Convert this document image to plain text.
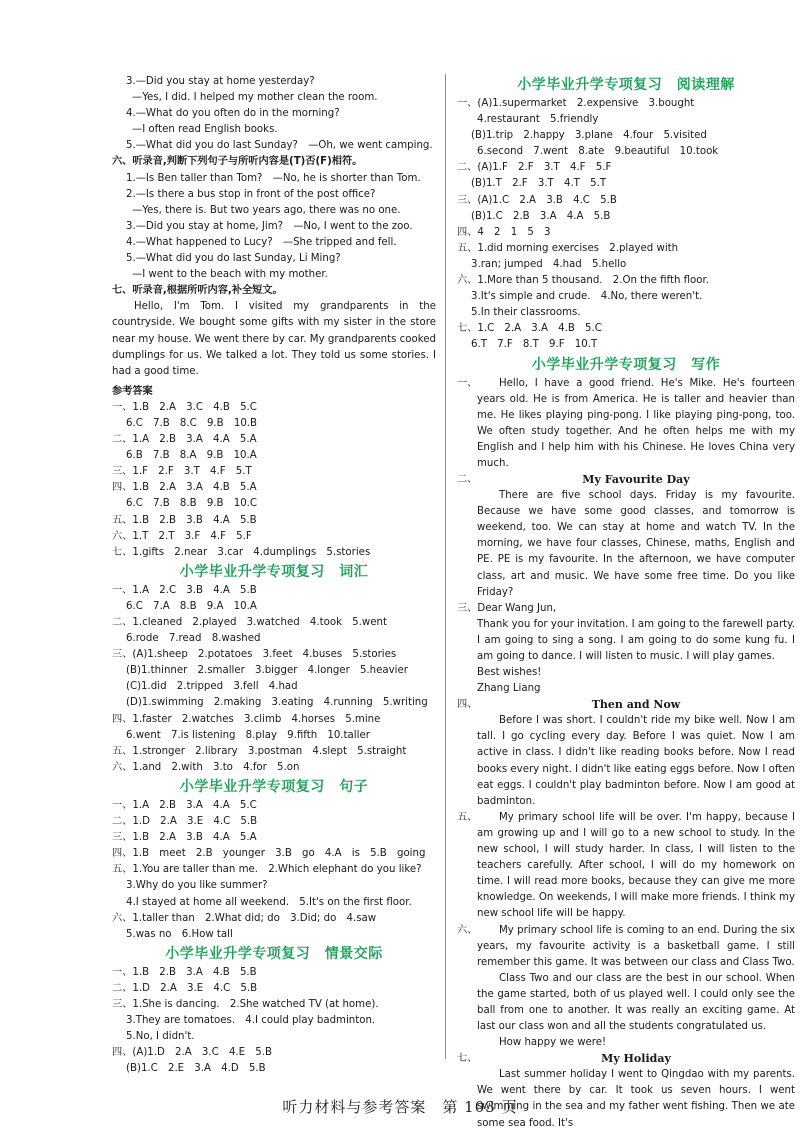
3.—Did you stay at home yesterday?
—Yes, I did. I helped my mother clean the room.
4.—What do you often do in the morning?
—I often read English books.
5.—What did you do last Sunday?　—Oh, we went camping.
六、听录音,判断下列句子与所听内容是(T)否(F)相符。
1.—Is Ben taller than Tom?　—No, he is shorter than Tom.
2.—Is there a bus stop in front of the post office?
—Yes, there is. But two years ago, there was no one.
3.—Did you stay at home, Jim?　—No, I went to the zoo.
4.—What happened to Lucy?　—She tripped and fell.
5.—What did you do last Sunday, Li Ming?
—I went to the beach with my mother.
七、听录音,根据所听内容,补全短文。
Hello, I'm Tom. I visited my grandparents in the countryside. We bought some gifts with my sister in the store near my house. We went there by car. My grandparents cooked dumplings for us. We talked a lot. They told us some stories. I had a good time.
参考答案
一、1.B　2.A　3.C　4.B　5.C
6.C　7.B　8.C　9.B　10.B
二、1.A　2.B　3.A　4.A　5.A
6.B　7.B　8.A　9.B　10.A
三、1.F　2.F　3.T　4.F　5.T
四、1.B　2.A　3.A　4.B　5.A
6.C　7.B　8.B　9.B　10.C
五、1.B　2.B　3.B　4.A　5.B
六、1.T　2.T　3.F　4.F　5.F
七、1.gifts　2.near　3.car　4.dumplings　5.stories
小学毕业升学专项复习　词汇
一、1.A　2.C　3.B　4.A　5.B
6.C　7.A　8.B　9.A　10.A
二、1.cleaned　2.played　3.watched　4.took　5.went
6.rode　7.read　8.washed
三、(A)1.sheep　2.potatoes　3.feet　4.buses　5.stories
(B)1.thinner　2.smaller　3.bigger　4.longer　5.heavier
(C)1.did　2.tripped　3.fell　4.had
(D)1.swimming　2.making　3.eating　4.running　5.writing
四、1.faster　2.watches　3.climb　4.horses　5.mine
6.went　7.is listening　8.play　9.fifth　10.taller
五、1.stronger　2.library　3.postman　4.slept　5.straight
六、1.and　2.with　3.to　4.for　5.on
小学毕业升学专项复习　句子
一、1.A　2.B　3.A　4.A　5.C
二、1.D　2.A　3.E　4.C　5.B
三、1.B　2.A　3.B　4.A　5.A
四、1.B　meet　2.B　younger　3.B　go　4.A　is　5.B　going
五、1.You are taller than me.　2.Which elephant do you like?
3.Why do you like summer?
4.I stayed at home all weekend.　5.It's on the first floor.
六、1.taller than　2.What did; do　3.Did; do　4.saw
5.was no　6.How tall
小学毕业升学专项复习　情景交际
一、1.B　2.B　3.A　4.B　5.B
二、1.D　2.A　3.E　4.C　5.B
三、1.She is dancing.　2.She watched TV (at home).
3.They are tomatoes.　4.I could play badminton.
5.No, I didn't.
四、(A)1.D　2.A　3.C　4.E　5.B
(B)1.C　2.E　3.A　4.D　5.B
小学毕业升学专项复习　阅读理解
一、(A)1.supermarket　2.expensive　3.bought
4.restaurant　5.friendly
(B)1.trip　2.happy　3.plane　4.four　5.visited
6.second　7.went　8.ate　9.beautiful　10.took
二、(A)1.F　2.F　3.T　4.F　5.F
(B)1.T　2.F　3.T　4.T　5.T
三、(A)1.C　2.A　3.B　4.C　5.B
(B)1.C　2.B　3.A　4.A　5.B
四、4　2　1　5　3
五、1.did morning exercises　2.played with
3.ran; jumped　4.had　5.hello
六、1.More than 5 thousand.　2.On the fifth floor.
3.It's simple and crude.　4.No, there weren't.
5.In their classrooms.
七、1.C　2.A　3.A　4.B　5.C
6.T　7.F　8.T　9.F　10.T
小学毕业升学专项复习　写作
一、	Hello, I have a good friend. He's Mike. He's fourteen years old. He is from America. He is taller and heavier than me. He likes playing ping-pong. I like playing ping-pong, too. We often study together. And he often helps me with my English and I help him with his Chinese. He loves China very much.
二、	My Favourite Day
There are five school days. Friday is my favourite. Because we have some good classes, and tomorrow is weekend, too. We can stay at home and watch TV. In the morning, we have four classes, Chinese, maths, English and PE. PE is my favourite. In the afternoon, we have computer class, art and music. We have some free time. Do you like Friday?
三、Dear Wang Jun,
Thank you for your invitation. I am going to the farewell party. I am going to sing a song. I am going to do some kung fu. I am going to dance. I will listen to music. I will play games.
Best wishes!
Zhang Liang
四、	Then and Now
Before I was short. I couldn't ride my bike well. Now I am tall. I go cycling every day. Before I was quiet. Now I am active in class. I didn't like reading books before. Now I read books every night. I didn't like eating eggs before. Now I often eat eggs. I couldn't play badminton before. Now I am good at badminton.
五、	My primary school life will be over. I'm happy, because I am growing up and I will go to a new school to study. In the new school, I will study harder. In class, I will listen to the teachers carefully. After school, I will do my homework on time. I will read more books, because they can give me more knowledge. On weekends, I will make more friends. I think my new school life will be happy.
六、	My primary school life is coming to an end. During the six years, my favourite activity is a basketball game. I still remember this game. It was between our class and Class Two.
Class Two and our class are the best in our school. When the game started, both of us played well. I could only see the ball from one to another. It was really an exciting game. At last our class won and all the students congratulated us.
How happy we were!
七、	My Holiday
Last summer holiday I went to Qingdao with my parents. We went there by car. It took us seven hours. I went swimming in the sea and my father went fishing. Then we ate some sea food. It's
听力材料与参考答案　第 103 页
